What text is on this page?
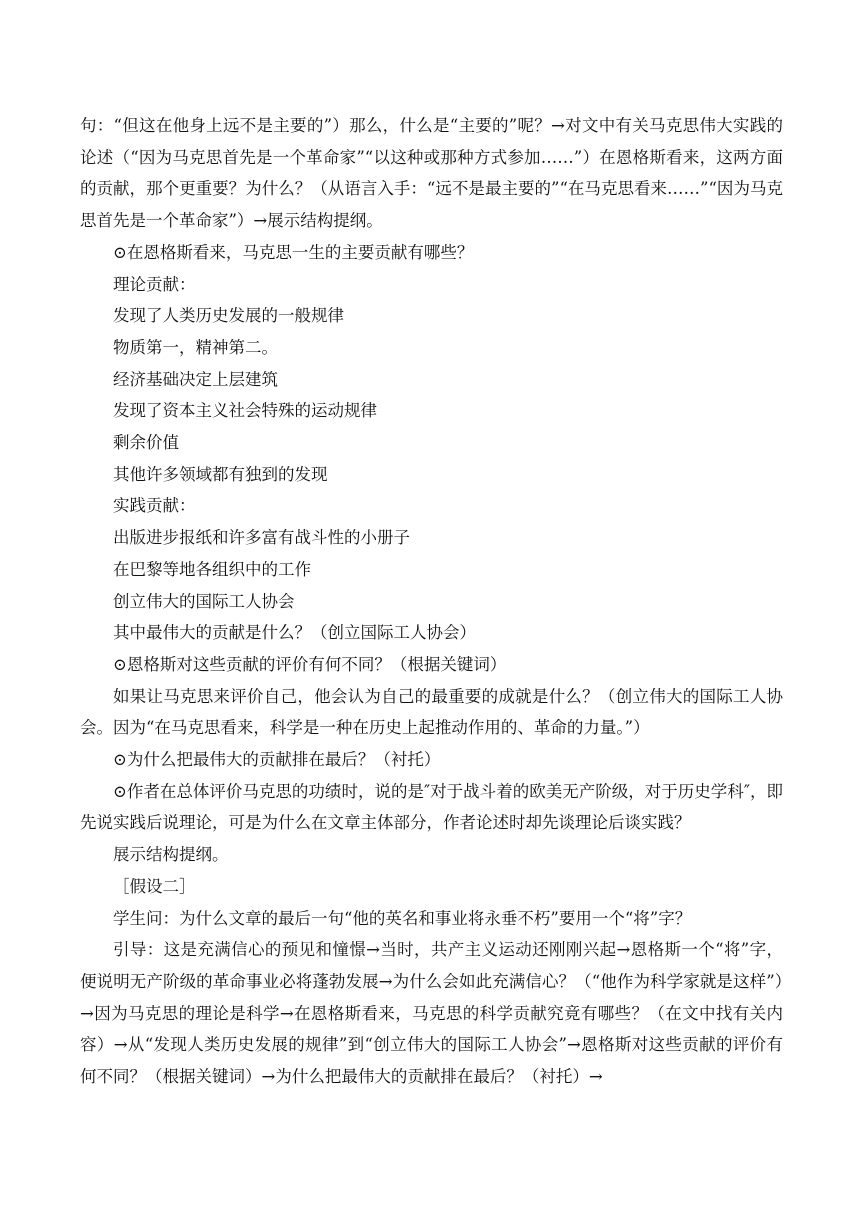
句：“但这在他身上远不是主要的”）那么，什么是“主要的”呢？→对文中有关马克思伟大实践的论述（“因为马克思首先是一个革命家”“以这种或那种方式参加……”）在恩格斯看来，这两方面的贡献，那个更重要？为什么？（从语言入手：“远不是最主要的”“在马克思看来……”“因为马克思首先是一个革命家”）→展示结构提纲。

⊙在恩格斯看来，马克思一生的主要贡献有哪些？

理论贡献：

发现了人类历史发展的一般规律

物质第一，精神第二。

经济基础决定上层建筑

发现了资本主义社会特殊的运动规律

剩余价值

其他许多领域都有独到的发现

实践贡献：

出版进步报纸和许多富有战斗性的小册子

在巴黎等地各组织中的工作

创立伟大的国际工人协会

其中最伟大的贡献是什么？（创立国际工人协会）

⊙恩格斯对这些贡献的评价有何不同？（根据关键词）

如果让马克思来评价自己，他会认为自己的最重要的成就是什么？（创立伟大的国际工人协会。因为“在马克思看来，科学是一种在历史上起推动作用的、革命的力量。”）

⊙为什么把最伟大的贡献排在最后？（衬托）

⊙作者在总体评价马克思的功绩时，说的是″对于战斗着的欧美无产阶级，对于历史学科″，即先说实践后说理论，可是为什么在文章主体部分，作者论述时却先谈理论后谈实践？

展示结构提纲。

［假设二］

学生问：为什么文章的最后一句“他的英名和事业将永垂不朽”要用一个“将”字？

引导：这是充满信心的预见和憧憬→当时，共产主义运动还刚刚兴起→恩格斯一个“将”字，便说明无产阶级的革命事业必将蓬勃发展→为什么会如此充满信心？（“他作为科学家就是这样”）→因为马克思的理论是科学→在恩格斯看来，马克思的科学贡献究竟有哪些？（在文中找有关内容）→从“发现人类历史发展的规律”到“创立伟大的国际工人协会”→恩格斯对这些贡献的评价有何不同？（根据关键词）→为什么把最伟大的贡献排在最后？（衬托）→
